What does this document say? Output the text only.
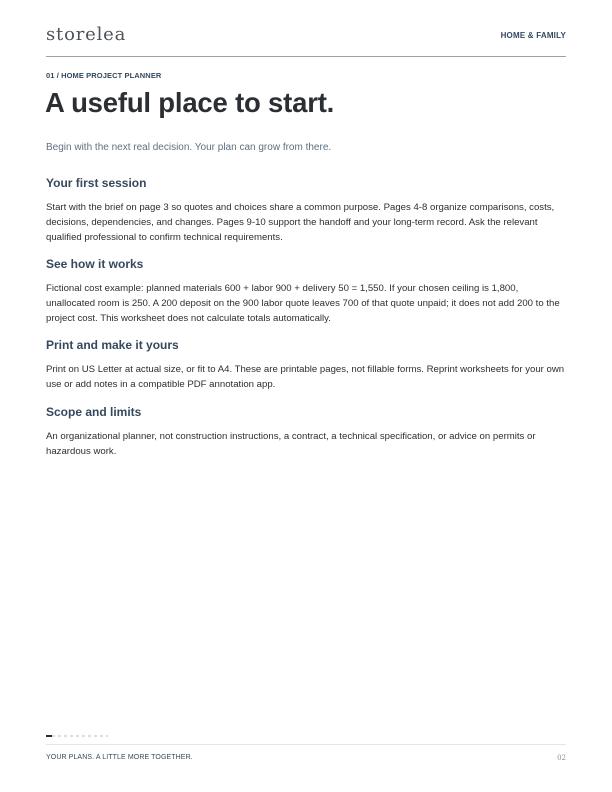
storelea	HOME & FAMILY
01 / HOME PROJECT PLANNER
A useful place to start.

Begin with the next real decision. Your plan can grow from there.

Your first session

Start with the brief on page 3 so quotes and choices share a common purpose. Pages 4-8 organize comparisons, costs, decisions, dependencies, and changes. Pages 9-10 support the handoff and your long-term record. Ask the relevant qualified professional to confirm technical requirements.

See how it works

Fictional cost example: planned materials 600 + labor 900 + delivery 50 = 1,550. If your chosen ceiling is 1,800, unallocated room is 250. A 200 deposit on the 900 labor quote leaves 700 of that quote unpaid; it does not add 200 to the project cost. This worksheet does not calculate totals automatically.

Print and make it yours

Print on US Letter at actual size, or fit to A4. These are printable pages, not fillable forms. Reprint worksheets for your own use or add notes in a compatible PDF annotation app.

Scope and limits

An organizational planner, not construction instructions, a contract, a technical specification, or advice on permits or hazardous work.

YOUR PLANS. A LITTLE MORE TOGETHER.	02
